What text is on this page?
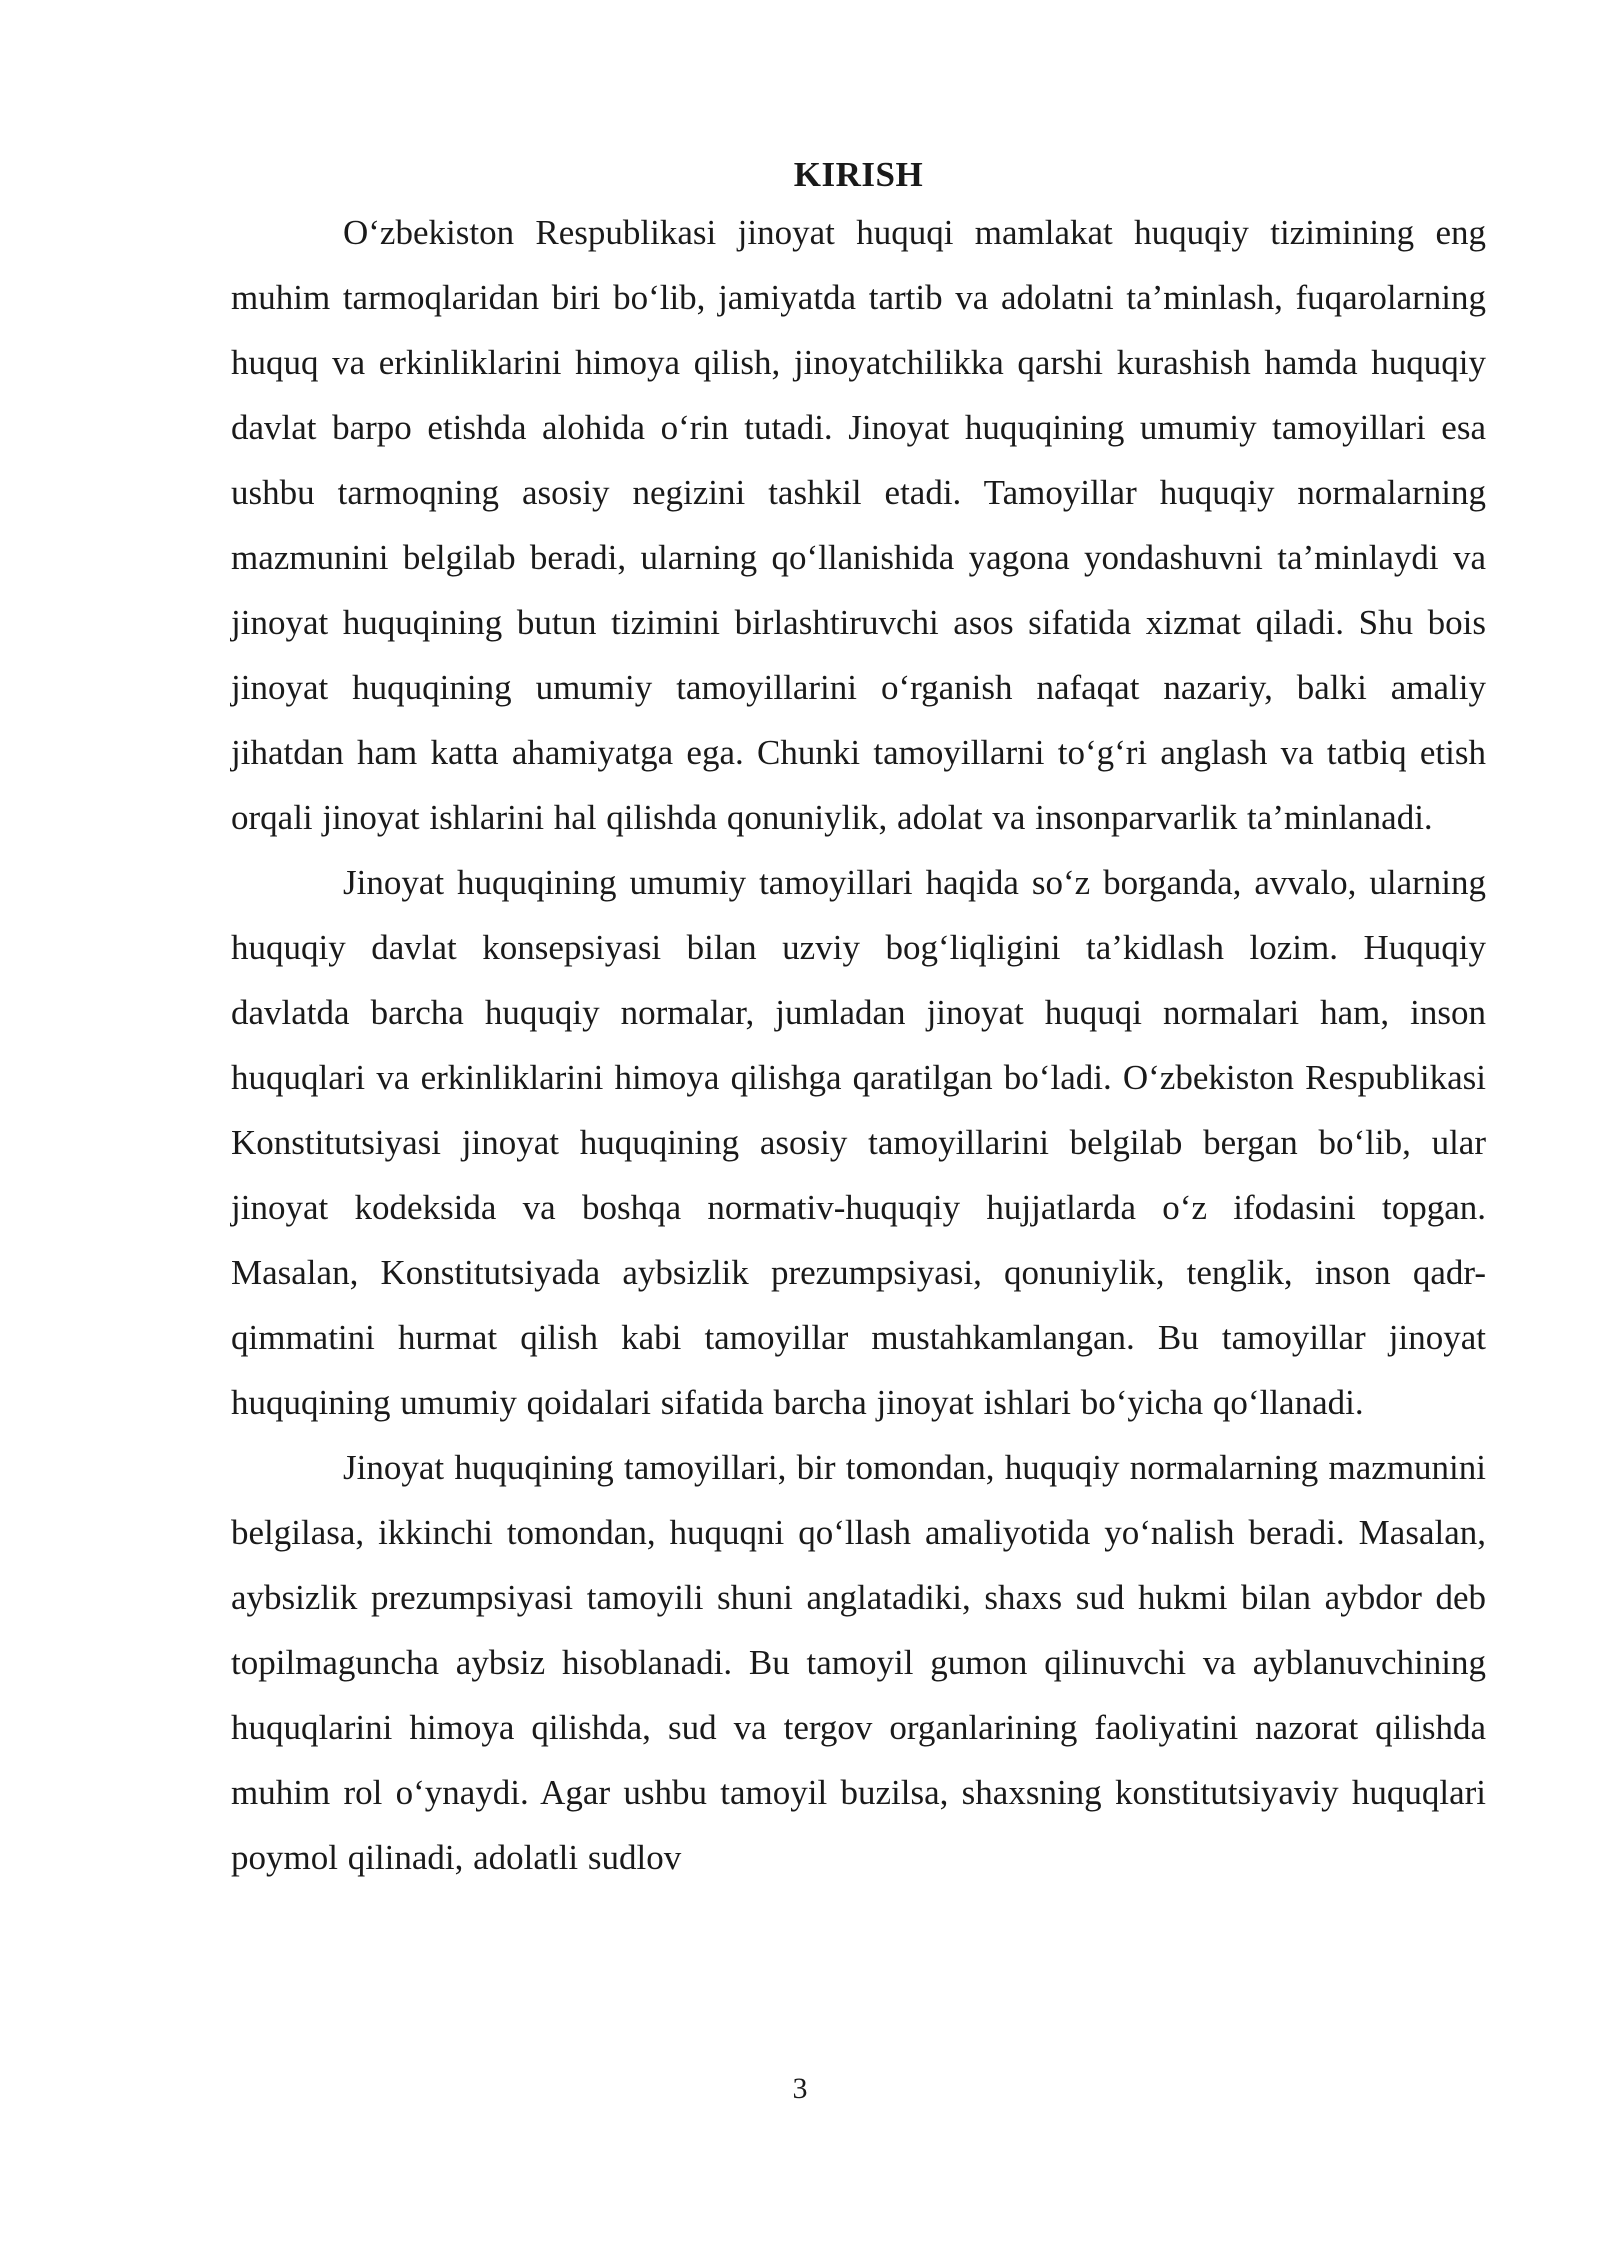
KIRISH

O‘zbekiston Respublikasi jinoyat huquqi mamlakat huquqiy tizimining eng muhim tarmoqlaridan biri bo‘lib, jamiyatda tartib va adolatni ta’minlash, fuqarolarning huquq va erkinliklarini himoya qilish, jinoyatchilikka qarshi kurashish hamda huquqiy davlat barpo etishda alohida o‘rin tutadi. Jinoyat huquqining umumiy tamoyillari esa ushbu tarmoqning asosiy negizini tashkil etadi. Tamoyillar huquqiy normalarning mazmunini belgilab beradi, ularning qo‘llanishida yagona yondashuvni ta’minlaydi va jinoyat huquqining butun tizimini birlashtiruvchi asos sifatida xizmat qiladi. Shu bois jinoyat huquqining umumiy tamoyillarini o‘rganish nafaqat nazariy, balki amaliy jihatdan ham katta ahamiyatga ega. Chunki tamoyillarni to‘g‘ri anglash va tatbiq etish orqali jinoyat ishlarini hal qilishda qonuniylik, adolat va insonparvarlik ta’minlanadi.

Jinoyat huquqining umumiy tamoyillari haqida so‘z borganda, avvalo, ularning huquqiy davlat konsepsiyasi bilan uzviy bog‘liqligini ta’kidlash lozim. Huquqiy davlatda barcha huquqiy normalar, jumladan jinoyat huquqi normalari ham, inson huquqlari va erkinliklarini himoya qilishga qaratilgan bo‘ladi. O‘zbekiston Respublikasi Konstitutsiyasi jinoyat huquqining asosiy tamoyillarini belgilab bergan bo‘lib, ular jinoyat kodeksida va boshqa normativ-huquqiy hujjatlarda o‘z ifodasini topgan. Masalan, Konstitutsiyada aybsizlik prezumpsiyasi, qonuniylik, tenglik, inson qadr-qimmatini hurmat qilish kabi tamoyillar mustahkamlangan. Bu tamoyillar jinoyat huquqining umumiy qoidalari sifatida barcha jinoyat ishlari bo‘yicha qo‘llanadi.

Jinoyat huquqining tamoyillari, bir tomondan, huquqiy normalarning mazmunini belgilasa, ikkinchi tomondan, huquqni qo‘llash amaliyotida yo‘nalish beradi. Masalan, aybsizlik prezumpsiyasi tamoyili shuni anglatadiki, shaxs sud hukmi bilan aybdor deb topilmaguncha aybsiz hisoblanadi. Bu tamoyil gumon qilinuvchi va ayblanuvchining huquqlarini himoya qilishda, sud va tergov organlarining faoliyatini nazorat qilishda muhim rol o‘ynaydi. Agar ushbu tamoyil buzilsa, shaxsning konstitutsiyaviy huquqlari poymol qilinadi, adolatli sudlov

3
